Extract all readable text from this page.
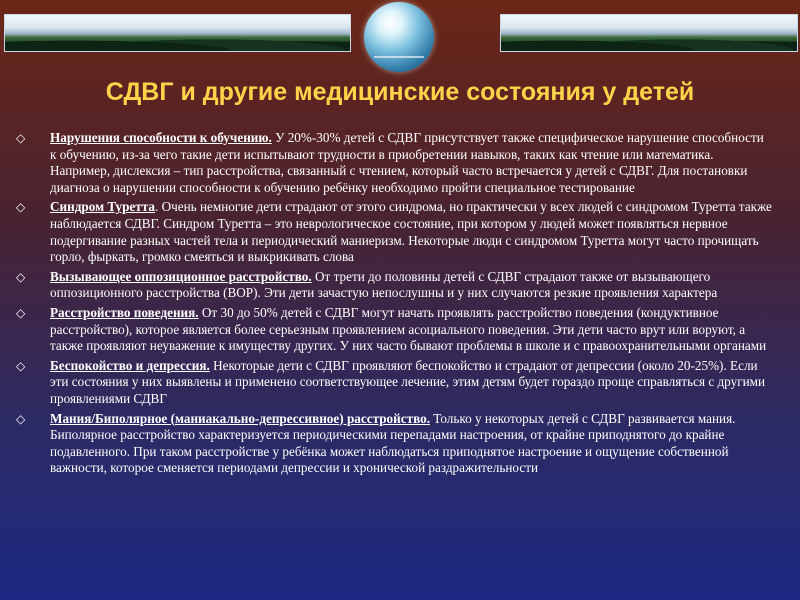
СДВГ и другие медицинские состояния у детей
◇ Нарушения способности к обучению. У 20%-30% детей с СДВГ присутствует также специфическое нарушение способности к обучению, из-за чего такие дети испытывают трудности в приобретении навыков, таких как чтение или математика. Например, дислексия – тип расстройства, связанный с чтением, который часто встречается у детей с СДВГ. Для постановки диагноза о нарушении способности к обучению ребёнку необходимо пройти специальное тестирование
◇ Синдром Туретта. Очень немногие дети страдают от этого синдрома, но практически у всех людей с синдромом Туретта также наблюдается СДВГ. Синдром Туретта – это неврологическое состояние, при котором у людей может появляться нервное подергивание разных частей тела и периодический маниеризм. Некоторые люди с синдромом Туретта могут часто прочищать горло, фыркать, громко смеяться и выкрикивать слова
◇ Вызывающее оппозиционное расстройство. От трети до половины детей с СДВГ страдают также от вызывающего оппозиционного расстройства (ВОР). Эти дети зачастую непослушны и у них случаются резкие проявления характера
◇ Расстройство поведения. От 30 до 50% детей с СДВГ могут начать проявлять расстройство поведения (кондуктивное расстройство), которое является более серьезным проявлением асоциального поведения. Эти дети часто врут или воруют, а также проявляют неуважение к имуществу других. У них часто бывают проблемы в школе и с правоохранительными органами
◇ Беспокойство и депрессия. Некоторые дети с СДВГ проявляют беспокойство и страдают от депрессии (около 20-25%). Если эти состояния у них выявлены и применено соответствующее лечение, этим детям будет гораздо проще справляться с другими проявлениями СДВГ
◇ Мания/Биполярное (маниакально-депрессивное) расстройство. Только у некоторых детей с СДВГ развивается мания. Биполярное расстройство характеризуется периодическими перепадами настроения, от крайне приподнятого до крайне подавленного. При таком расстройстве у ребёнка может наблюдаться приподнятое настроение и ощущение собственной важности, которое сменяется периодами депрессии и хронической раздражительности
